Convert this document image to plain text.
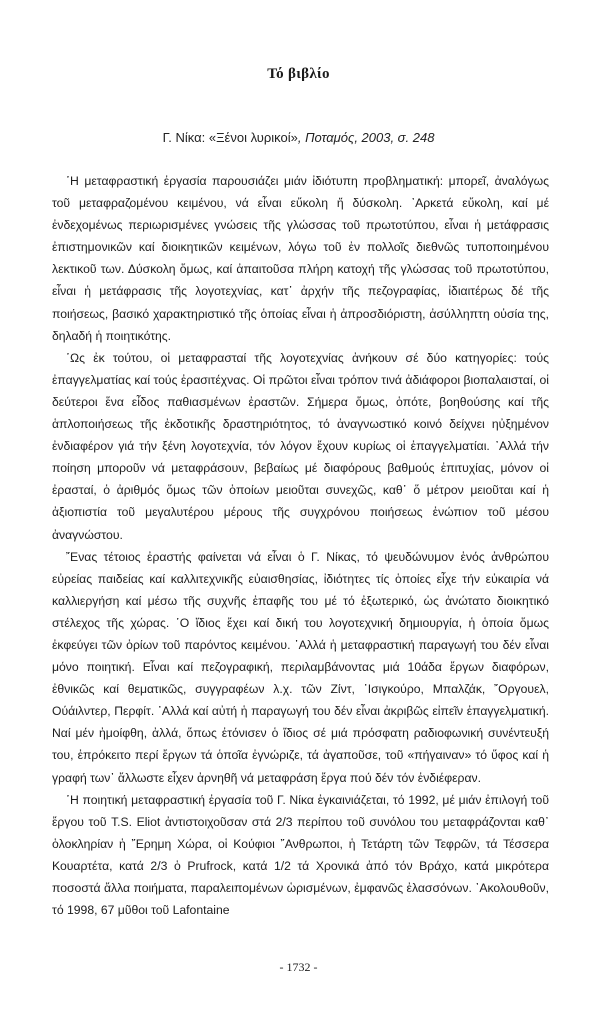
Τό βιβλίο
Γ. Νίκα: «Ξένοι λυρικοί», Ποταμός, 2003, σ. 248

῾Η μεταφραστική ἐργασία παρουσιάζει μιάν ἰδιότυπη προβληματική: μπορεῖ, ἀναλόγως τοῦ μεταφραζομένου κειμένου, νά εἶναι εὔκολη ἤ δύσκολη. ᾿Αρκετά εὔκολη, καί μέ ἐνδεχομένως περιωρισμένες γνώσεις τῆς γλώσσας τοῦ πρωτοτύπου, εἶναι ἡ μετάφρασις ἐπιστημονικῶν καί διοικητικῶν κειμένων, λόγω τοῦ ἐν πολλοῖς διεθνῶς τυποποιημένου λεκτικοῦ των. Δύσκολη ὅμως, καί ἀπαιτοῦσα πλήρη κατοχή τῆς γλώσσας τοῦ πρωτοτύπου, εἶναι ἡ μετάφρασις τῆς λογοτεχνίας, κατ᾿ ἀρχήν τῆς πεζογραφίας, ἰδιαιτέρως δέ τῆς ποιήσεως, βασικό χαρακτηριστικό τῆς ὁποίας εἶναι ἡ ἀπροσδιόριστη, ἀσύλληπτη οὐσία της, δηλαδή ἡ ποιητικότης.

῾Ως ἐκ τούτου, οἱ μεταφρασταί τῆς λογοτεχνίας ἀνήκουν σέ δύο κατηγορίες: τούς ἐπαγγελματίας καί τούς ἐρασιτέχνας. Οἱ πρῶτοι εἶναι τρόπον τινά ἀδιάφοροι βιοπαλαισταί, οἱ δεύτεροι ἕνα εἶδος παθιασμένων ἐραστῶν. Σήμερα ὅμως, ὁπότε, βοηθούσης καί τῆς ἁπλοποιήσεως τῆς ἐκδοτικῆς δραστηριότητος, τό ἀναγνωστικό κοινό δείχνει ηὐξημένον ἐνδιαφέρον γιά τήν ξένη λογοτεχνία, τόν λόγον ἔχουν κυρίως οἱ ἐπαγγελματίαι. ᾿Αλλά τήν ποίηση μποροῦν νά μεταφράσουν, βεβαίως μέ διαφόρους βαθμούς ἐπιτυχίας, μόνον οἱ ἐρασταί, ὁ ἀριθμός ὅμως τῶν ὁποίων μειοῦται συνεχῶς, καθ᾿ ὅ μέτρον μειοῦται καί ἡ ἀξιοπιστία τοῦ μεγαλυτέρου μέρους τῆς συγχρόνου ποιήσεως ἐνώπιον τοῦ μέσου ἀναγνώστου.

῎Ενας τέτοιος ἐραστής φαίνεται νά εἶναι ὁ Γ. Νίκας, τό ψευδώνυμον ἑνός ἀνθρώπου εὐρείας παιδείας καί καλλιτεχνικῆς εὐαισθησίας, ἰδιότητες τίς ὁποίες εἶχε τήν εὐκαιρία νά καλλιεργήση καί μέσω τῆς συχνῆς ἐπαφῆς του μέ τό ἐξωτερικό, ὡς ἀνώτατο διοικητικό στέλεχος τῆς χώρας. ῾Ο ἴδιος ἔχει καί δική του λογοτεχνική δημιουργία, ἡ ὁποία ὅμως ἐκφεύγει τῶν ὁρίων τοῦ παρόντος κειμένου. ᾿Αλλά ἡ μεταφραστική παραγωγή του δέν εἶναι μόνο ποιητική. Εἶναι καί πεζογραφική, περιλαμβάνοντας μιά 10άδα ἔργων διαφόρων, ἐθνικῶς καί θεματικῶς, συγγραφέων λ.χ. τῶν Ζίντ, ᾿Ισιγκούρο, Μπαλζάκ, ῎Οργουελ, Ούάιλντερ, Περφίτ. ᾿Αλλά καί αὐτή ἡ παραγωγή του δέν εἶναι ἀκριβῶς εἰπεῖν ἐπαγγελματική. Ναί μέν ἠμοίφθη, ἀλλά, ὅπως ἐτόνισεν ὁ ἴδιος σέ μιά πρόσφατη ραδιοφωνική συνέντευξή του, ἐπρόκειτο περί ἔργων τά ὁποῖα ἐγνώριζε, τά ἀγαποῦσε, τοῦ «πήγαιναν» τό ὕφος καί ἡ γραφή των᾿ ἄλλωστε εἶχεν ἀρνηθῆ νά μεταφράση ἔργα πού δέν τόν ἐνδιέφεραν.

῾Η ποιητική μεταφραστική ἐργασία τοῦ Γ. Νίκα ἐγκαινιάζεται, τό 1992, μέ μιάν ἐπιλογή τοῦ ἔργου τοῦ T.S. Eliot ἀντιστοιχοῦσαν στά 2/3 περίπου τοῦ συνόλου του μεταφράζονται καθ᾿ ὁλοκληρίαν ἡ ῎Ερημη Χώρα, οἱ Κούφιοι ῎Ανθρωποι, ἡ Τετάρτη τῶν Τεφρῶν, τά Τέσσερα Κουαρτέτα, κατά 2/3 ὁ Prufrock, κατά 1/2 τά Χρονικά ἀπό τόν Βράχο, κατά μικρότερα ποσοστά ἄλλα ποιήματα, παραλειπομένων ὡρισμένων, ἐμφανῶς ἐλασσόνων. ᾿Ακολουθοῦν, τό 1998, 67 μῦθοι τοῦ Lafontaine

- 1732 -
